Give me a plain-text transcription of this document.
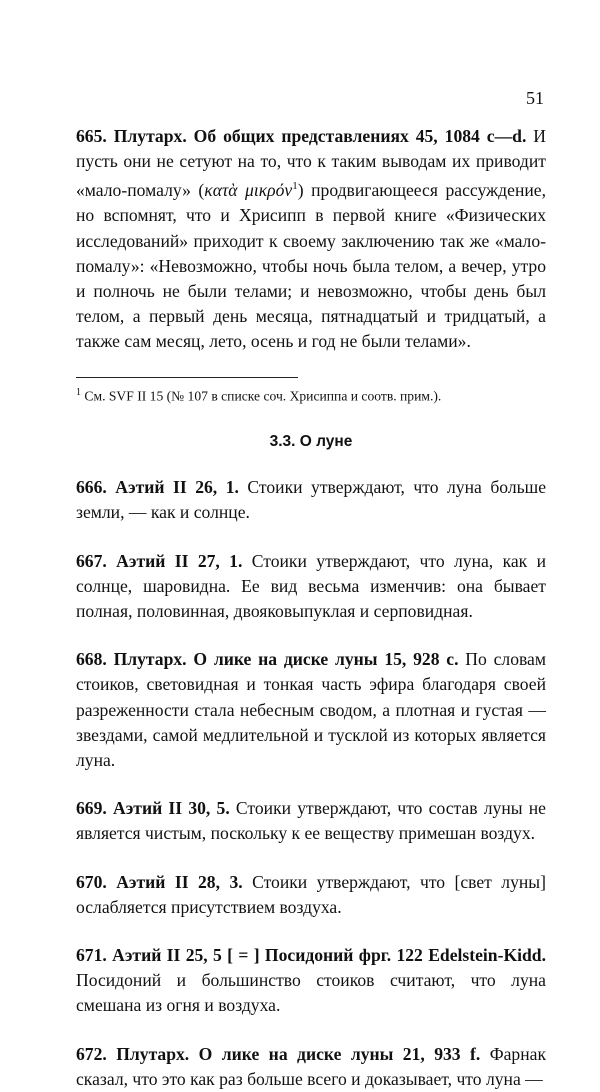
51

665. Плутарх. Об общих представлениях 45, 1084 c—d. И пусть они не сетуют на то, что к таким выводам их приводит «мало-помалу» (κατὰ μικρόν$^1$) продвигающееся рассуждение, но вспомнят, что и Хрисипп в первой книге «Физических исследований» приходит к своему заключению так же «мало-помалу»: «Невозможно, чтобы ночь была телом, а вечер, утро и полночь не были телами; и невозможно, чтобы день был телом, а первый день месяца, пятнадцатый и тридцатый, а также сам месяц, лето, осень и год не были телами».

$^1$ См. SVF II 15 (№ 107 в списке соч. Хрисиппа и соотв. прим.).

3.3. О луне

666. Аэтий II 26, 1. Стоики утверждают, что луна больше земли, — как и солнце.

667. Аэтий II 27, 1. Стоики утверждают, что луна, как и солнце, шаровидна. Ее вид весьма изменчив: она бывает полная, половинная, двояковыпуклая и серповидная.

668. Плутарх. О лике на диске луны 15, 928 c. По словам стоиков, световидная и тонкая часть эфира благодаря своей разреженности стала небесным сводом, а плотная и густая — звездами, самой медлительной и тусклой из которых является луна.

669. Аэтий II 30, 5. Стоики утверждают, что состав луны не является чистым, поскольку к ее веществу примешан воздух.

670. Аэтий II 28, 3. Стоики утверждают, что [свет луны] ослабляется присутствием воздуха.

671. Аэтий II 25, 5 [ = ] Посидоний фрг. 122 Edelstein-Kidd. Посидоний и большинство стоиков считают, что луна смешана из огня и воздуха.

672. Плутарх. О лике на диске луны 21, 933 f. Фарнак сказал, что это как раз больше всего и доказывает, что луна —
